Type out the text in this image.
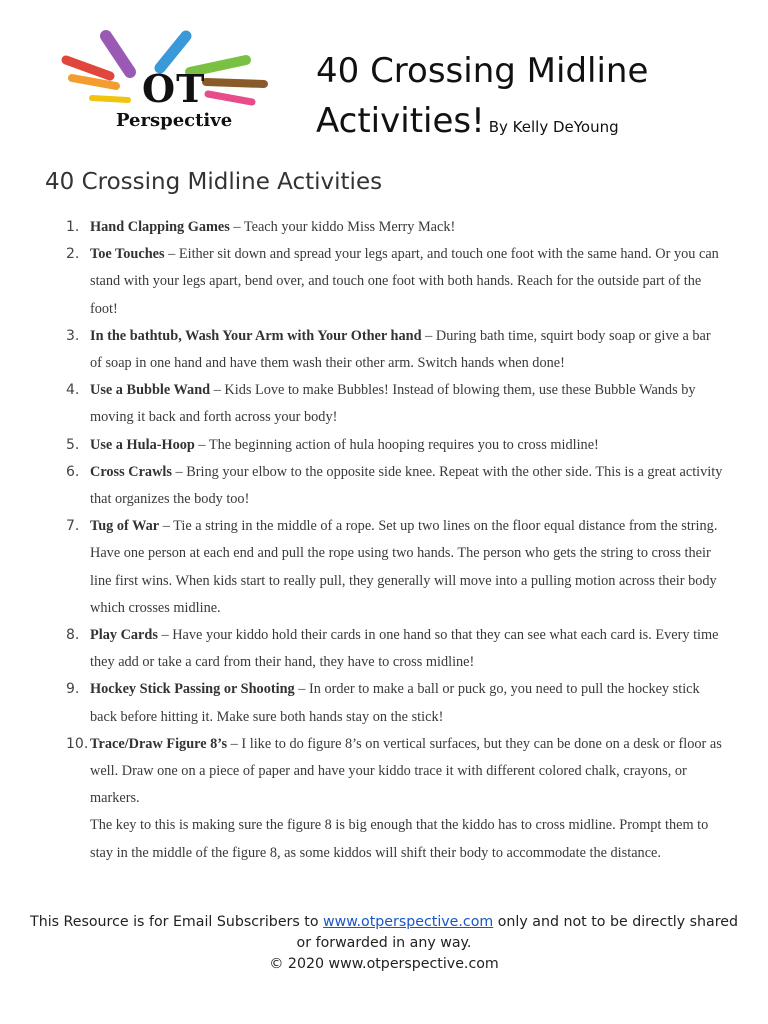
OT
Perspective
40 Crossing Midline
Activities! By Kelly DeYoung
40 Crossing Midline Activities
1. Hand Clapping Games – Teach your kiddo Miss Merry Mack!
2. Toe Touches – Either sit down and spread your legs apart, and touch one foot with the same hand. Or you can stand with your legs apart, bend over, and touch one foot with both hands. Reach for the outside part of the foot!
3. In the bathtub, Wash Your Arm with Your Other hand – During bath time, squirt body soap or give a bar of soap in one hand and have them wash their other arm. Switch hands when done!
4. Use a Bubble Wand – Kids Love to make Bubbles! Instead of blowing them, use these Bubble Wands by moving it back and forth across your body!
5. Use a Hula-Hoop – The beginning action of hula hooping requires you to cross midline!
6. Cross Crawls – Bring your elbow to the opposite side knee. Repeat with the other side. This is a great activity that organizes the body too!
7. Tug of War – Tie a string in the middle of a rope. Set up two lines on the floor equal distance from the string. Have one person at each end and pull the rope using two hands. The person who gets the string to cross their line first wins. When kids start to really pull, they generally will move into a pulling motion across their body which crosses midline.
8. Play Cards – Have your kiddo hold their cards in one hand so that they can see what each card is. Every time they add or take a card from their hand, they have to cross midline!
9. Hockey Stick Passing or Shooting – In order to make a ball or puck go, you need to pull the hockey stick back before hitting it. Make sure both hands stay on the stick!
10. Trace/Draw Figure 8’s – I like to do figure 8’s on vertical surfaces, but they can be done on a desk or floor as well. Draw one on a piece of paper and have your kiddo trace it with different colored chalk, crayons, or markers.
The key to this is making sure the figure 8 is big enough that the kiddo has to cross midline. Prompt them to stay in the middle of the figure 8, as some kiddos will shift their body to accommodate the distance.
This Resource is for Email Subscribers to www.otperspective.com only and not to be directly shared or forwarded in any way.
© 2020 www.otperspective.com
